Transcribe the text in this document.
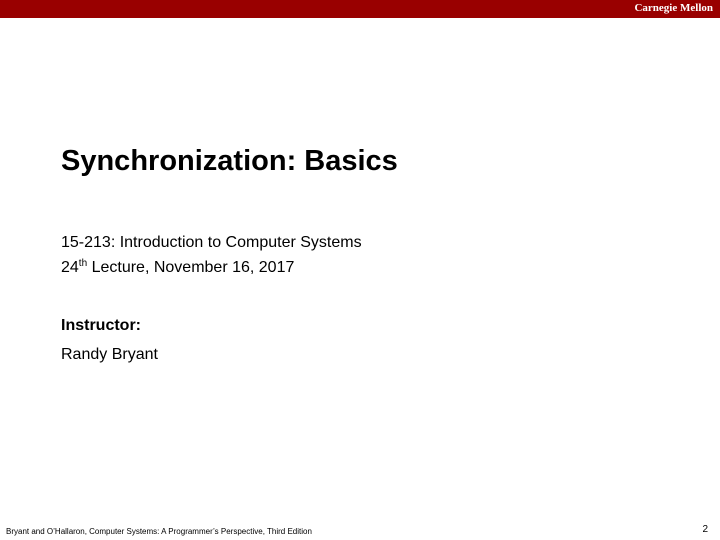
Carnegie Mellon
Synchronization: Basics
15-213: Introduction to Computer Systems
24th Lecture, November 16, 2017
Instructor:
Randy Bryant
Bryant and O’Hallaron, Computer Systems: A Programmer’s Perspective, Third Edition	2
